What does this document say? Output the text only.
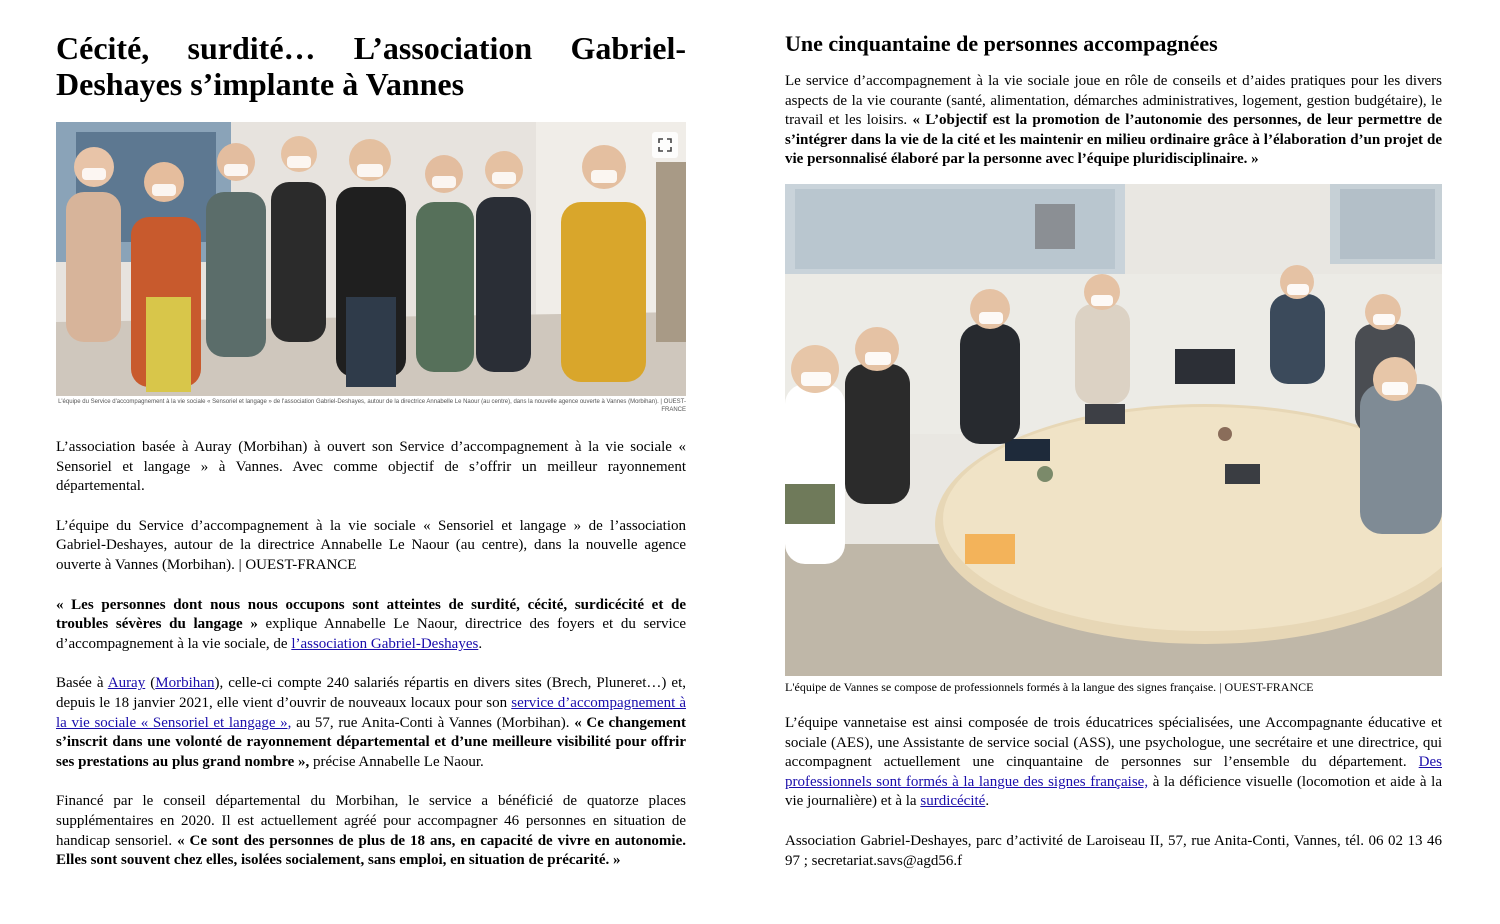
Cécité, surdité… L’association Gabriel-Deshayes s’implante à Vannes
L'équipe du Service d'accompagnement à la vie sociale « Sensoriel et langage » de l'association Gabriel-Deshayes, autour de la directrice Annabelle Le Naour (au centre), dans la nouvelle agence ouverte à Vannes (Morbihan). | OUEST-FRANCE

L’association basée à Auray (Morbihan) à ouvert son Service d’accompagnement à la vie sociale « Sensoriel et langage » à Vannes. Avec comme objectif de s’offrir un meilleur rayonnement départemental.

L’équipe du Service d’accompagnement à la vie sociale « Sensoriel et langage » de l’association Gabriel-Deshayes, autour de la directrice Annabelle Le Naour (au centre), dans la nouvelle agence ouverte à Vannes (Morbihan). | OUEST-FRANCE

« Les personnes dont nous nous occupons sont atteintes de surdité, cécité, surdicécité et de troubles sévères du langage » explique Annabelle Le Naour, directrice des foyers et du service d’accompagnement à la vie sociale, de l’association Gabriel-Deshayes.

Basée à Auray (Morbihan), celle-ci compte 240 salariés répartis en divers sites (Brech, Pluneret…) et, depuis le 18 janvier 2021, elle vient d’ouvrir de nouveaux locaux pour son service d’accompagnement à la vie sociale « Sensoriel et langage », au 57, rue Anita-Conti à Vannes (Morbihan). « Ce changement s’inscrit dans une volonté de rayonnement départemental et d’une meilleure visibilité pour offrir ses prestations au plus grand nombre », précise Annabelle Le Naour.

Financé par le conseil départemental du Morbihan, le service a bénéficié de quatorze places supplémentaires en 2020. Il est actuellement agréé pour accompagner 46 personnes en situation de handicap sensoriel. « Ce sont des personnes de plus de 18 ans, en capacité de vivre en autonomie. Elles sont souvent chez elles, isolées socialement, sans emploi, en situation de précarité. »

Une cinquantaine de personnes accompagnées

Le service d’accompagnement à la vie sociale joue en rôle de conseils et d’aides pratiques pour les divers aspects de la vie courante (santé, alimentation, démarches administratives, logement, gestion budgétaire), le travail et les loisirs. « L’objectif est la promotion de l’autonomie des personnes, de leur permettre de s’intégrer dans la vie de la cité et les maintenir en milieu ordinaire grâce à l’élaboration d’un projet de vie personnalisé élaboré par la personne avec l’équipe pluridisciplinaire. »

L'équipe de Vannes se compose de professionnels formés à la langue des signes française. | OUEST-FRANCE

L’équipe vannetaise est ainsi composée de trois éducatrices spécialisées, une Accompagnante éducative et sociale (AES), une Assistante de service social (ASS), une psychologue, une secrétaire et une directrice, qui accompagnent actuellement une cinquantaine de personnes sur l’ensemble du département. Des professionnels sont formés à la langue des signes française, à la déficience visuelle (locomotion et aide à la vie journalière) et à la surdicécité.

Association Gabriel-Deshayes, parc d’activité de Laroiseau II, 57, rue Anita-Conti, Vannes, tél. 06 02 13 46 97 ; secretariat.savs@agd56.f
